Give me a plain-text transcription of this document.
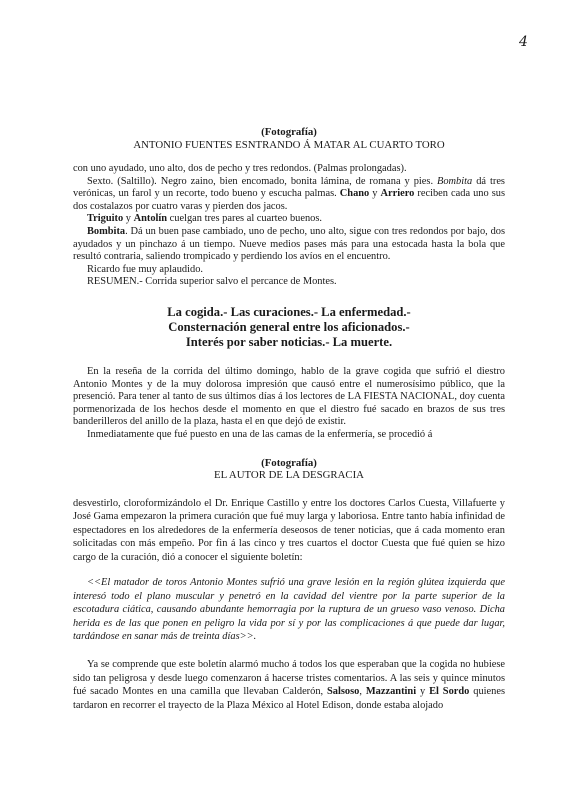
4
(Fotografía)
ANTONIO FUENTES ESNTRANDO Á MATAR AL CUARTO TORO

con uno ayudado, uno alto, dos de pecho y tres redondos. (Palmas prolongadas).

Sexto. (Saltillo). Negro zaino, bien encomado, bonita lámina, de romana y pies. Bombita dá tres verónicas, un farol y un recorte, todo bueno y escucha palmas. Chano y Arriero reciben cada uno sus dos costalazos por cuatro varas y pierden dos jacos.

Triguito y Antolín cuelgan tres pares al cuarteo buenos.

Bombita. Dá un buen pase cambiado, uno de pecho, uno alto, sigue con tres redondos por bajo, dos ayudados y un pinchazo á un tiempo. Nueve medios pases más para una estocada hasta la bola que resultó contraria, saliendo trompicado y perdiendo los avíos en el encuentro.

Ricardo fue muy aplaudido.

RESUMEN.- Corrida superior salvo el percance de Montes.

La cogida.- Las curaciones.- La enfermedad.-
Consternación general entre los aficionados.-
Interés por saber noticias.- La muerte.

En la reseña de la corrida del último domingo, hablo de la grave cogida que sufrió el diestro Antonio Montes y de la muy dolorosa impresión que causó entre el numerosísimo público, que la presenció. Para tener al tanto de sus últimos días á los lectores de LA FIESTA NACIONAL, doy cuenta pormenorizada de los hechos desde el momento en que el diestro fué sacado en brazos de sus tres banderilleros del anillo de la plaza, hasta el en que dejó de existir.

Inmediatamente que fué puesto en una de las camas de la enfermería, se procedió á

(Fotografía)
EL AUTOR DE LA DESGRACIA

desvestirlo, cloroformizándolo el Dr. Enrique Castillo y entre los doctores Carlos Cuesta, Villafuerte y José Gama empezaron la primera curación que fué muy larga y laboriosa. Entre tanto había infinidad de espectadores en los alrededores de la enfermería deseosos de tener noticias, que á cada momento eran solicitadas con más empeño. Por fin á las cinco y tres cuartos el doctor Cuesta que fué quien se hizo cargo de la curación, dió a conocer el siguiente boletín:

<<El matador de toros Antonio Montes sufrió una grave lesión en la región glútea izquierda que interesó todo el plano muscular y penetró en la cavidad del vientre por la parte superior de la escotadura ciática, causando abundante hemorragia por la ruptura de un grueso vaso venoso. Dicha herida es de las que ponen en peligro la vida por sí y por las complicaciones á que puede dar lugar, tardándose en sanar más de treinta días>>.

Ya se comprende que este boletín alarmó mucho á todos los que esperaban que la cogida no hubiese sido tan peligrosa y desde luego comenzaron á hacerse tristes comentarios. A las seis y quince minutos fué sacado Montes en una camilla que llevaban Calderón, Salsoso, Mazzantini y El Sordo quienes tardaron en recorrer el trayecto de la Plaza México al Hotel Edison, donde estaba alojado
